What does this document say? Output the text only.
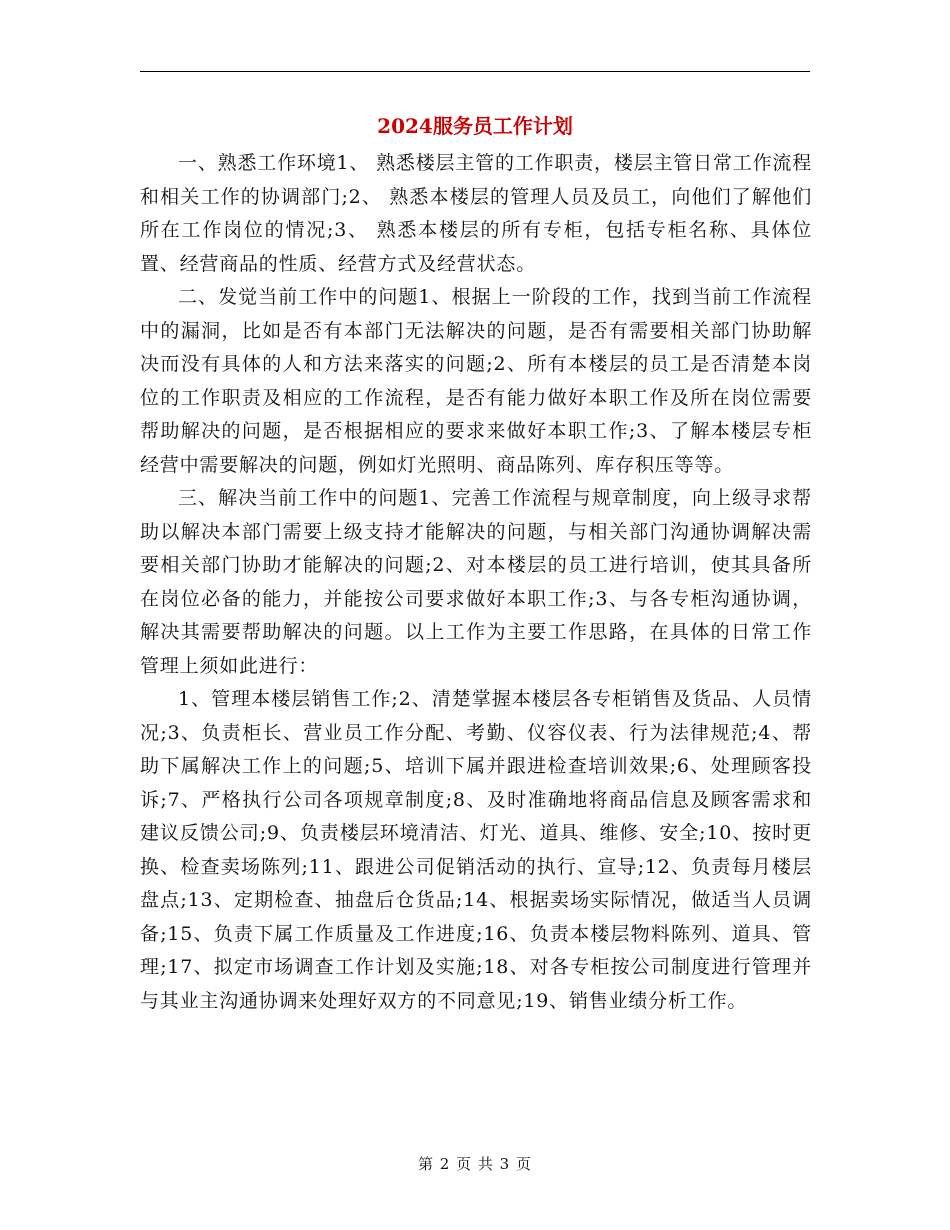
2024服务员工作计划

一、熟悉工作环境1、 熟悉楼层主管的工作职责，楼层主管日常工作流程和相关工作的协调部门;2、 熟悉本楼层的管理人员及员工，向他们了解他们所在工作岗位的情况;3、 熟悉本楼层的所有专柜，包括专柜名称、具体位置、经营商品的性质、经营方式及经营状态。

二、发觉当前工作中的问题1、根据上一阶段的工作，找到当前工作流程中的漏洞，比如是否有本部门无法解决的问题，是否有需要相关部门协助解决而没有具体的人和方法来落实的问题;2、所有本楼层的员工是否清楚本岗位的工作职责及相应的工作流程，是否有能力做好本职工作及所在岗位需要帮助解决的问题，是否根据相应的要求来做好本职工作;3、了解本楼层专柜经营中需要解决的问题，例如灯光照明、商品陈列、库存积压等等。

三、解决当前工作中的问题1、完善工作流程与规章制度，向上级寻求帮助以解决本部门需要上级支持才能解决的问题，与相关部门沟通协调解决需要相关部门协助才能解决的问题;2、对本楼层的员工进行培训，使其具备所在岗位必备的能力，并能按公司要求做好本职工作;3、与各专柜沟通协调，解决其需要帮助解决的问题。以上工作为主要工作思路，在具体的日常工作管理上须如此进行：

1、管理本楼层销售工作;2、清楚掌握本楼层各专柜销售及货品、人员情况;3、负责柜长、营业员工作分配、考勤、仪容仪表、行为法律规范;4、帮助下属解决工作上的问题;5、培训下属并跟进检查培训效果;6、处理顾客投诉;7、严格执行公司各项规章制度;8、及时准确地将商品信息及顾客需求和建议反馈公司;9、负责楼层环境清洁、灯光、道具、维修、安全;10、按时更换、检查卖场陈列;11、跟进公司促销活动的执行、宣导;12、负责每月楼层盘点;13、定期检查、抽盘后仓货品;14、根据卖场实际情况，做适当人员调备;15、负责下属工作质量及工作进度;16、负责本楼层物料陈列、道具、管理;17、拟定市场调查工作计划及实施;18、对各专柜按公司制度进行管理并与其业主沟通协调来处理好双方的不同意见;19、销售业绩分析工作。

第 2 页 共 3 页
